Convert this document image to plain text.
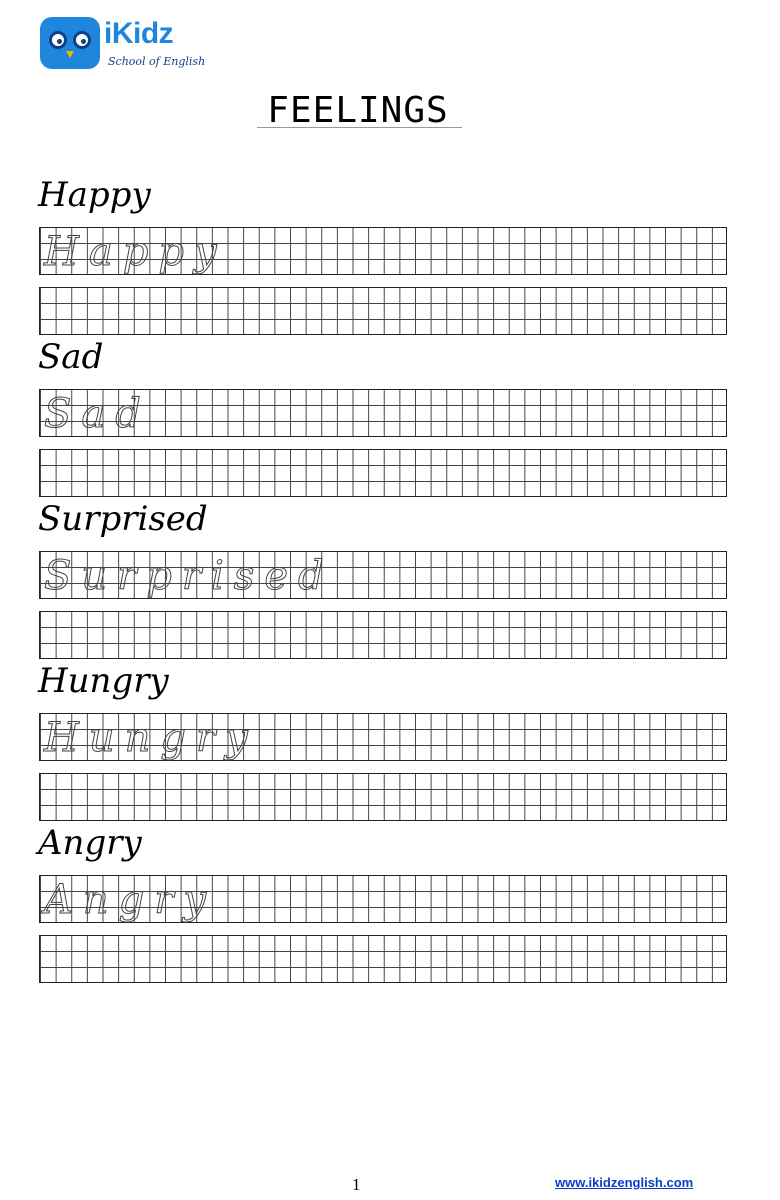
iKidz
School of English
FEELINGS
Happy
Happy
Sad
Sad
Surprised
Surprised
Hungry
Hungry
Angry
Angry
1	www.ikidzenglish.com
